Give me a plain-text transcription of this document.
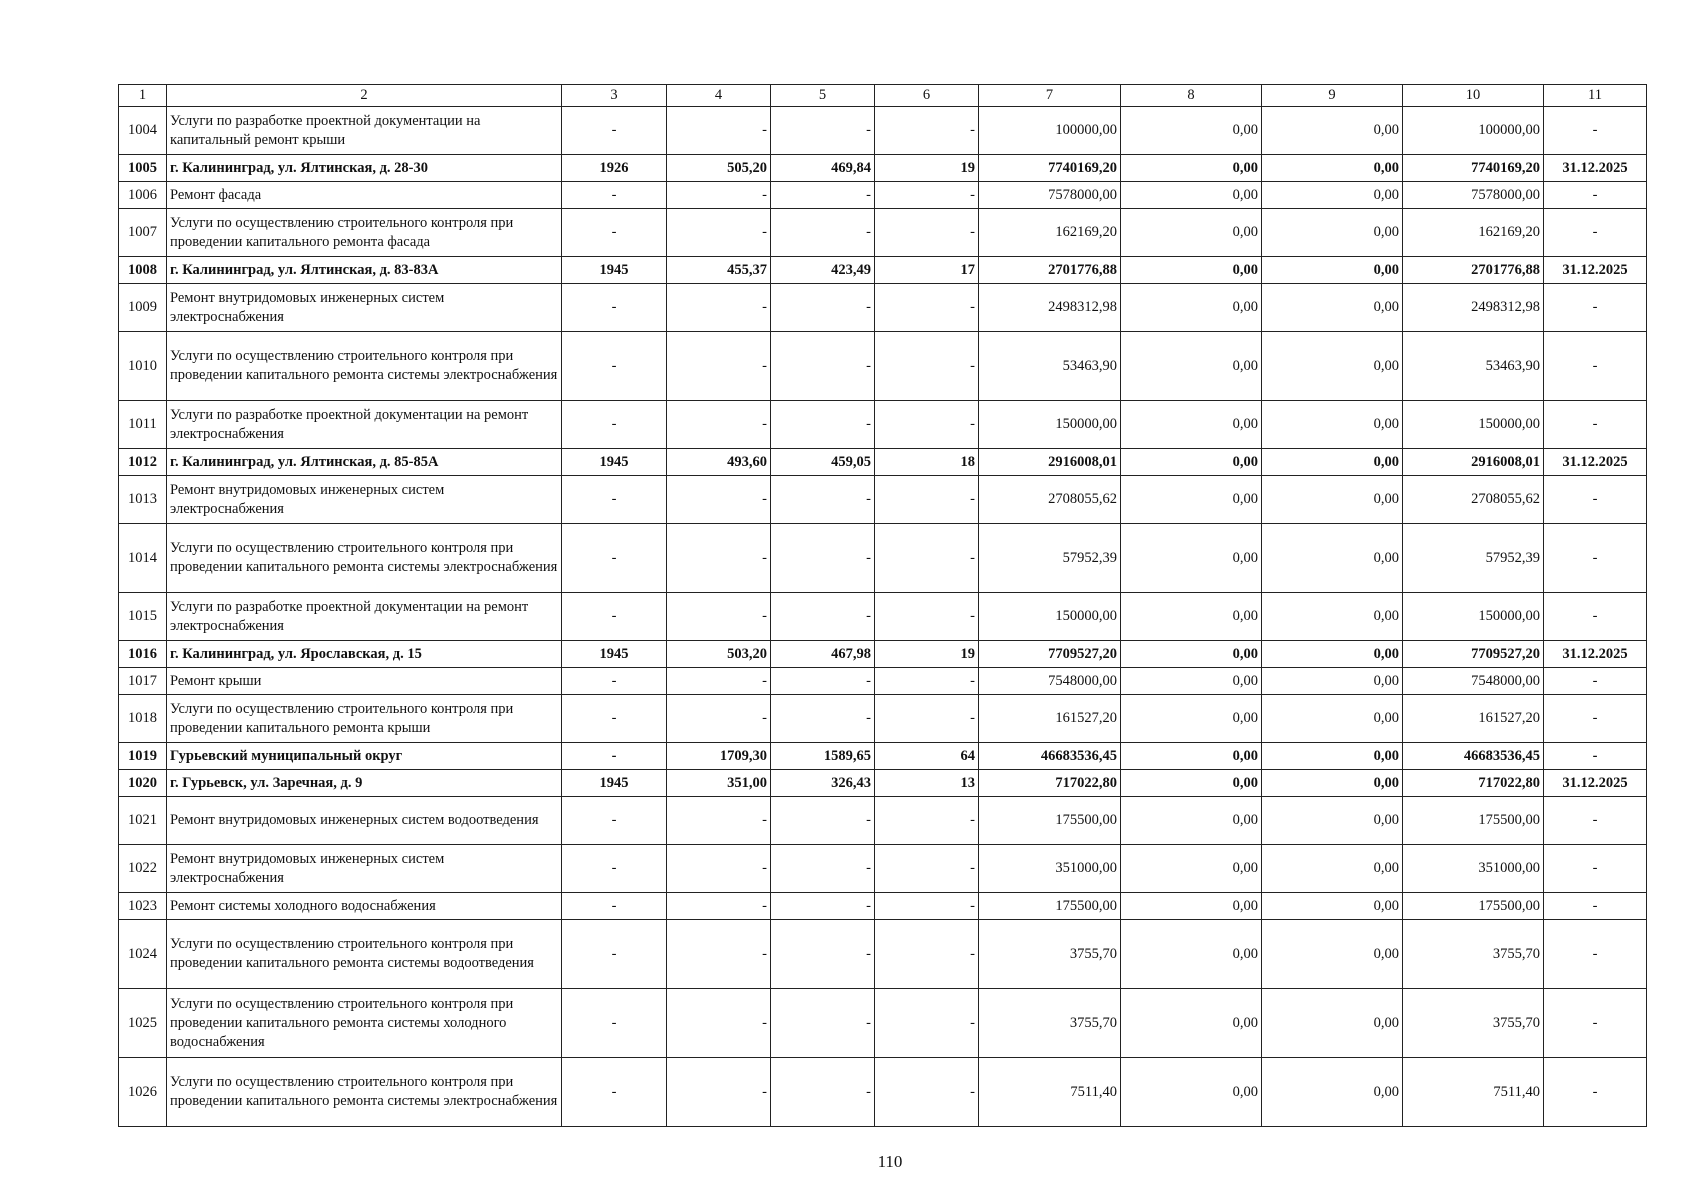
1	2	3	4	5	6	7	8	9	10	11
1004	Услуги по разработке проектной документации на капитальный ремонт крыши	-	-	-	-	100000,00	0,00	0,00	100000,00	-
1005	г. Калининград, ул. Ялтинская, д. 28-30	1926	505,20	469,84	19	7740169,20	0,00	0,00	7740169,20	31.12.2025
1006	Ремонт фасада	-	-	-	-	7578000,00	0,00	0,00	7578000,00	-
1007	Услуги по осуществлению строительного контроля при проведении капитального ремонта фасада	-	-	-	-	162169,20	0,00	0,00	162169,20	-
1008	г. Калининград, ул. Ялтинская, д. 83-83А	1945	455,37	423,49	17	2701776,88	0,00	0,00	2701776,88	31.12.2025
1009	Ремонт внутридомовых инженерных систем электроснабжения	-	-	-	-	2498312,98	0,00	0,00	2498312,98	-
1010	Услуги по осуществлению строительного контроля при проведении капитального ремонта системы электроснабжения	-	-	-	-	53463,90	0,00	0,00	53463,90	-
1011	Услуги по разработке проектной документации на ремонт электроснабжения	-	-	-	-	150000,00	0,00	0,00	150000,00	-
1012	г. Калининград, ул. Ялтинская, д. 85-85А	1945	493,60	459,05	18	2916008,01	0,00	0,00	2916008,01	31.12.2025
1013	Ремонт внутридомовых инженерных систем электроснабжения	-	-	-	-	2708055,62	0,00	0,00	2708055,62	-
1014	Услуги по осуществлению строительного контроля при проведении капитального ремонта системы электроснабжения	-	-	-	-	57952,39	0,00	0,00	57952,39	-
1015	Услуги по разработке проектной документации на ремонт электроснабжения	-	-	-	-	150000,00	0,00	0,00	150000,00	-
1016	г. Калининград, ул. Ярославская, д. 15	1945	503,20	467,98	19	7709527,20	0,00	0,00	7709527,20	31.12.2025
1017	Ремонт крыши	-	-	-	-	7548000,00	0,00	0,00	7548000,00	-
1018	Услуги по осуществлению строительного контроля при проведении капитального ремонта крыши	-	-	-	-	161527,20	0,00	0,00	161527,20	-
1019	Гурьевский муниципальный округ	-	1709,30	1589,65	64	46683536,45	0,00	0,00	46683536,45	-
1020	г. Гурьевск, ул. Заречная, д. 9	1945	351,00	326,43	13	717022,80	0,00	0,00	717022,80	31.12.2025
1021	Ремонт внутридомовых инженерных систем водоотведения	-	-	-	-	175500,00	0,00	0,00	175500,00	-
1022	Ремонт внутридомовых инженерных систем электроснабжения	-	-	-	-	351000,00	0,00	0,00	351000,00	-
1023	Ремонт системы холодного водоснабжения	-	-	-	-	175500,00	0,00	0,00	175500,00	-
1024	Услуги по осуществлению строительного контроля при проведении капитального ремонта системы водоотведения	-	-	-	-	3755,70	0,00	0,00	3755,70	-
1025	Услуги по осуществлению строительного контроля при проведении капитального ремонта системы холодного водоснабжения	-	-	-	-	3755,70	0,00	0,00	3755,70	-
1026	Услуги по осуществлению строительного контроля при проведении капитального ремонта системы электроснабжения	-	-	-	-	7511,40	0,00	0,00	7511,40	-
110
